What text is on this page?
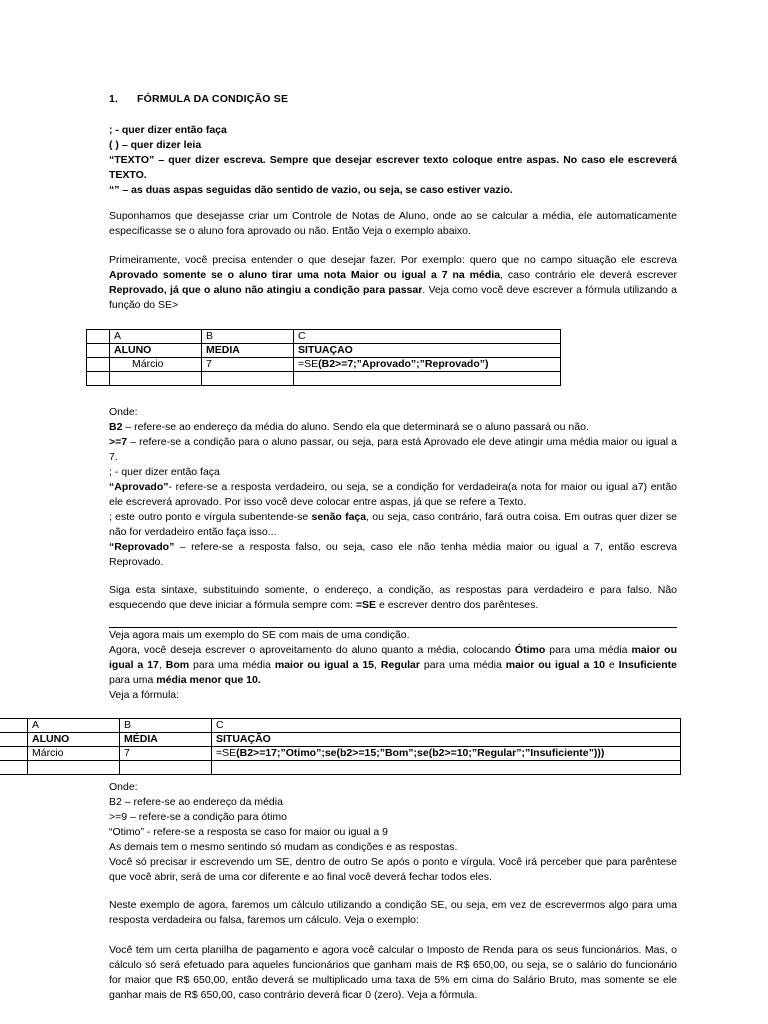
1. FÓRMULA DA CONDIÇÃO SE

; - quer dizer então faça

( ) – quer dizer leia

“TEXTO” – quer dizer escreva. Sempre que desejar escrever texto coloque entre aspas. No caso ele escreverá TEXTO.

“” – as duas aspas seguidas dão sentido de vazio, ou seja, se caso estiver vazio.

Suponhamos que desejasse criar um Controle de Notas de Aluno, onde ao se calcular a média, ele automaticamente especificasse se o aluno fora aprovado ou não. Então Veja o exemplo abaixo.

Primeiramente, você precisa entender o que desejar fazer. Por exemplo: quero que no campo situação ele escreva Aprovado somente se o aluno tirar uma nota Maior ou igual a 7 na média, caso contrário ele deverá escrever Reprovado, já que o aluno não atingiu a condição para passar. Veja como você deve escrever a fórmula utilizando a função do SE>

	A	B	C
	ALUNO	MEDIA	SITUAÇAO
	Márcio	7	=SE(B2>=7;”Aprovado”;”Reprovado”)

Onde:

B2 – refere-se ao endereço da média do aluno. Sendo ela que determinará se o aluno passará ou não.

>=7 – refere-se a condição para o aluno passar, ou seja, para está Aprovado ele deve atingir uma média maior ou igual a 7.

; - quer dizer então faça

“Aprovado”- refere-se a resposta verdadeiro, ou seja, se a condição for verdadeira(a nota for maior ou igual a7) então ele escreverá aprovado. Por isso você deve colocar entre aspas, já que se refere a Texto.

; este outro ponto e vírgula subentende-se senão faça, ou seja, caso contrário, fará outra coisa. Em outras quer dizer se não for verdadeiro então faça isso...

“Reprovado” – refere-se a resposta falso, ou seja, caso ele não tenha média maior ou igual a 7, então escreva Reprovado.

Siga esta sintaxe, substituindo somente, o endereço, a condição, as respostas para verdadeiro e para falso. Não esquecendo que deve iniciar a fórmula sempre com: =SE e escrever dentro dos parênteses.

Veja agora mais um exemplo do SE com mais de uma condição.

Agora, você deseja escrever o aproveitamento do aluno quanto a média, colocando Ótimo para uma média maior ou igual a 17, Bom para uma média maior ou igual a 15, Regular para uma média maior ou igual a 10 e Insuficiente para uma média menor que 10.

Veja a fórmula:

	A	B	C
	ALUNO	MÉDIA	SITUAÇÃO
	Márcio	7	=SE(B2>=17;”Otimo”;se(b2>=15;”Bom”;se(b2>=10;”Regular”;”Insuficiente”)))

Onde:

B2 – refere-se ao endereço da média

>=9 – refere-se a condição para ótimo

“Otimo” - refere-se a resposta se caso for maior ou igual a 9

As demais tem o mesmo sentindo só mudam as condições e as respostas.

Você só precisar ir escrevendo um SE, dentro de outro Se após o ponto e vírgula. Você irá perceber que para parêntese que você abrir, será de uma cor diferente e ao final você deverá fechar todos eles.

Neste exemplo de agora, faremos um cálculo utilizando a condição SE, ou seja, em vez de escrevermos algo para uma resposta verdadeira ou falsa, faremos um cálculo. Veja o exemplo:

Você tem um certa planilha de pagamento e agora você calcular o Imposto de Renda para os seus funcionários. Mas, o cálculo só será efetuado para aqueles funcionários que ganham mais de R$ 650,00, ou seja, se o salário do funcionário for maior que R$ 650,00, então deverá se multiplicado uma taxa de 5% em cima do Salário Bruto, mas somente se ele ganhar mais de R$ 650,00, caso contrário deverá ficar 0 (zero). Veja a fórmula.
